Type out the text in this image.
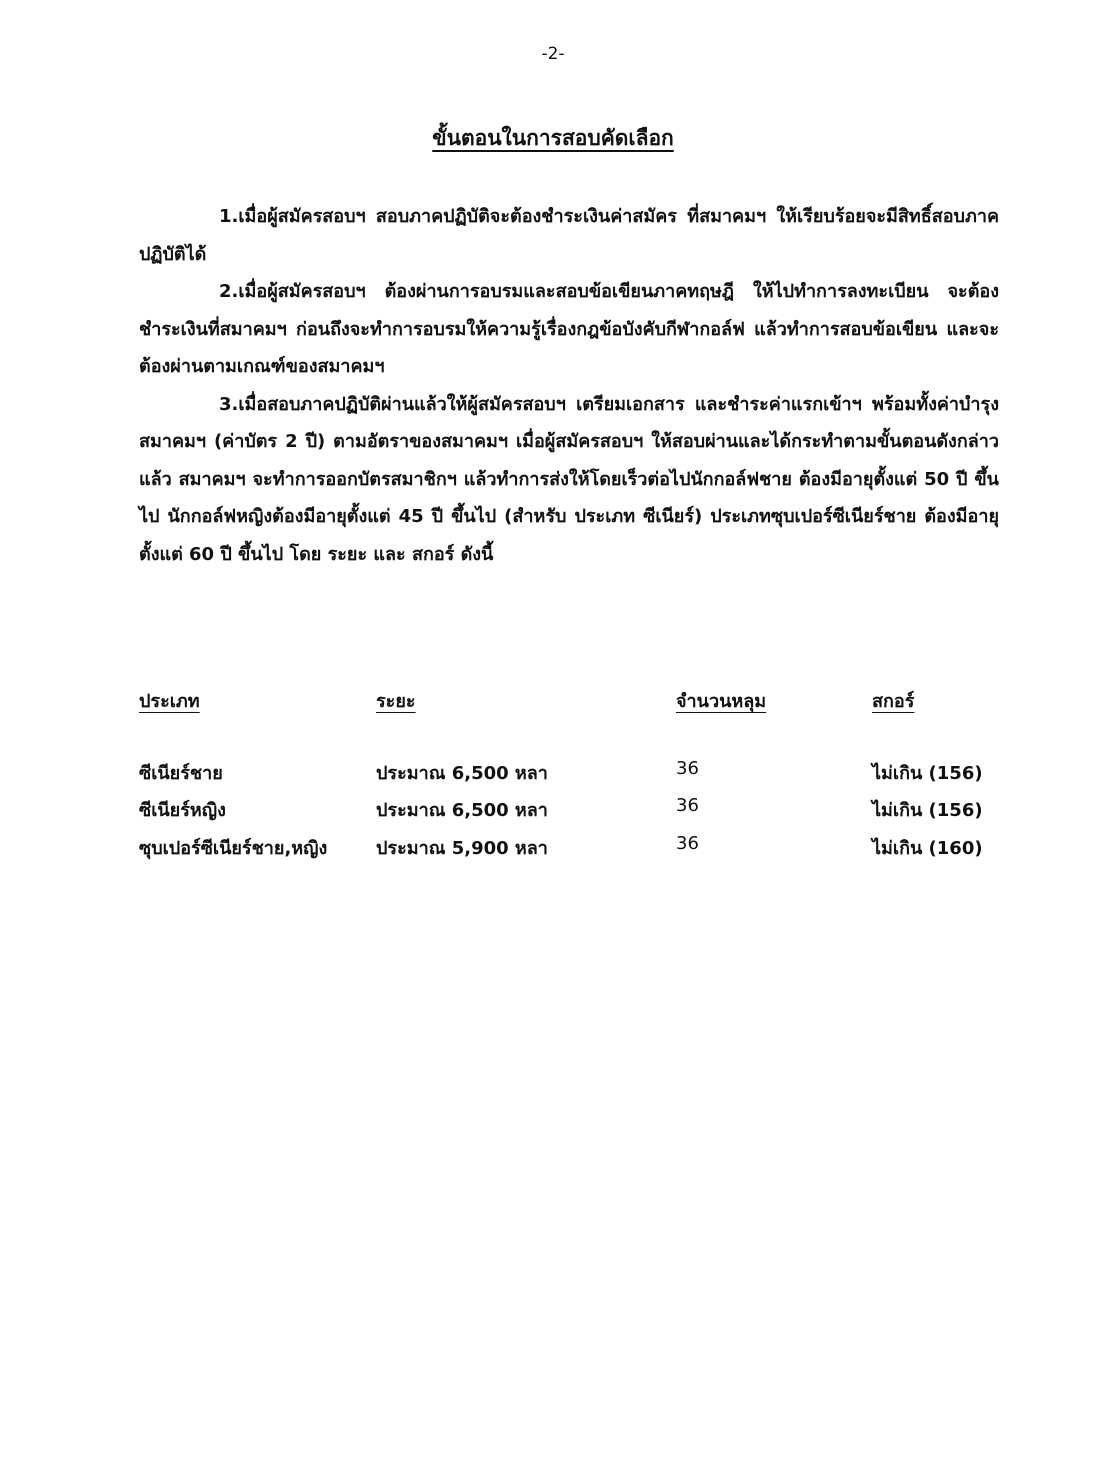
-2-
ขั้นตอนในการสอบคัดเลือก

1.เมื่อผู้สมัครสอบฯ สอบภาคปฏิบัติจะต้องชำระเงินค่าสมัคร ที่สมาคมฯ ให้เรียบร้อยจะมีสิทธิ์สอบภาคปฏิบัติได้

2.เมื่อผู้สมัครสอบฯ ต้องผ่านการอบรมและสอบข้อเขียนภาคทฤษฎี ให้ไปทำการลงทะเบียน จะต้องชำระเงินที่สมาคมฯ ก่อนถึงจะทำการอบรมให้ความรู้เรื่องกฎข้อบังคับกีฬากอล์ฟ แล้วทำการสอบข้อเขียน และจะต้องผ่านตามเกณฑ์ของสมาคมฯ

3.เมื่อสอบภาคปฏิบัติผ่านแล้วให้ผู้สมัครสอบฯ เตรียมเอกสาร และชำระค่าแรกเข้าฯ พร้อมทั้งค่าบำรุงสมาคมฯ (ค่าบัตร 2 ปี) ตามอัตราของสมาคมฯ เมื่อผู้สมัครสอบฯ ให้สอบผ่านและได้กระทำตามขั้นตอนดังกล่าวแล้ว สมาคมฯ จะทำการออกบัตรสมาชิกฯ แล้วทำการส่งให้โดยเร็วต่อไปนักกอล์ฟชาย ต้องมีอายุตั้งแต่ 50 ปี ขึ้นไป นักกอล์ฟหญิงต้องมีอายุตั้งแต่ 45 ปี ขึ้นไป (สำหรับ ประเภท ซีเนียร์) ประเภทซุบเปอร์ซีเนียร์ชาย ต้องมีอายุ ตั้งแต่ 60 ปี ขึ้นไป โดย ระยะ และ สกอร์ ดังนี้

ประเภท	ระยะ	จำนวนหลุม	สกอร์
ซีเนียร์ชาย	ประมาณ 6,500 หลา	36	ไม่เกิน (156)
ซีเนียร์หญิง	ประมาณ 6,500 หลา	36	ไม่เกิน (156)
ซุบเปอร์ซีเนียร์ชาย,หญิง	ประมาณ 5,900 หลา	36	ไม่เกิน (160)
